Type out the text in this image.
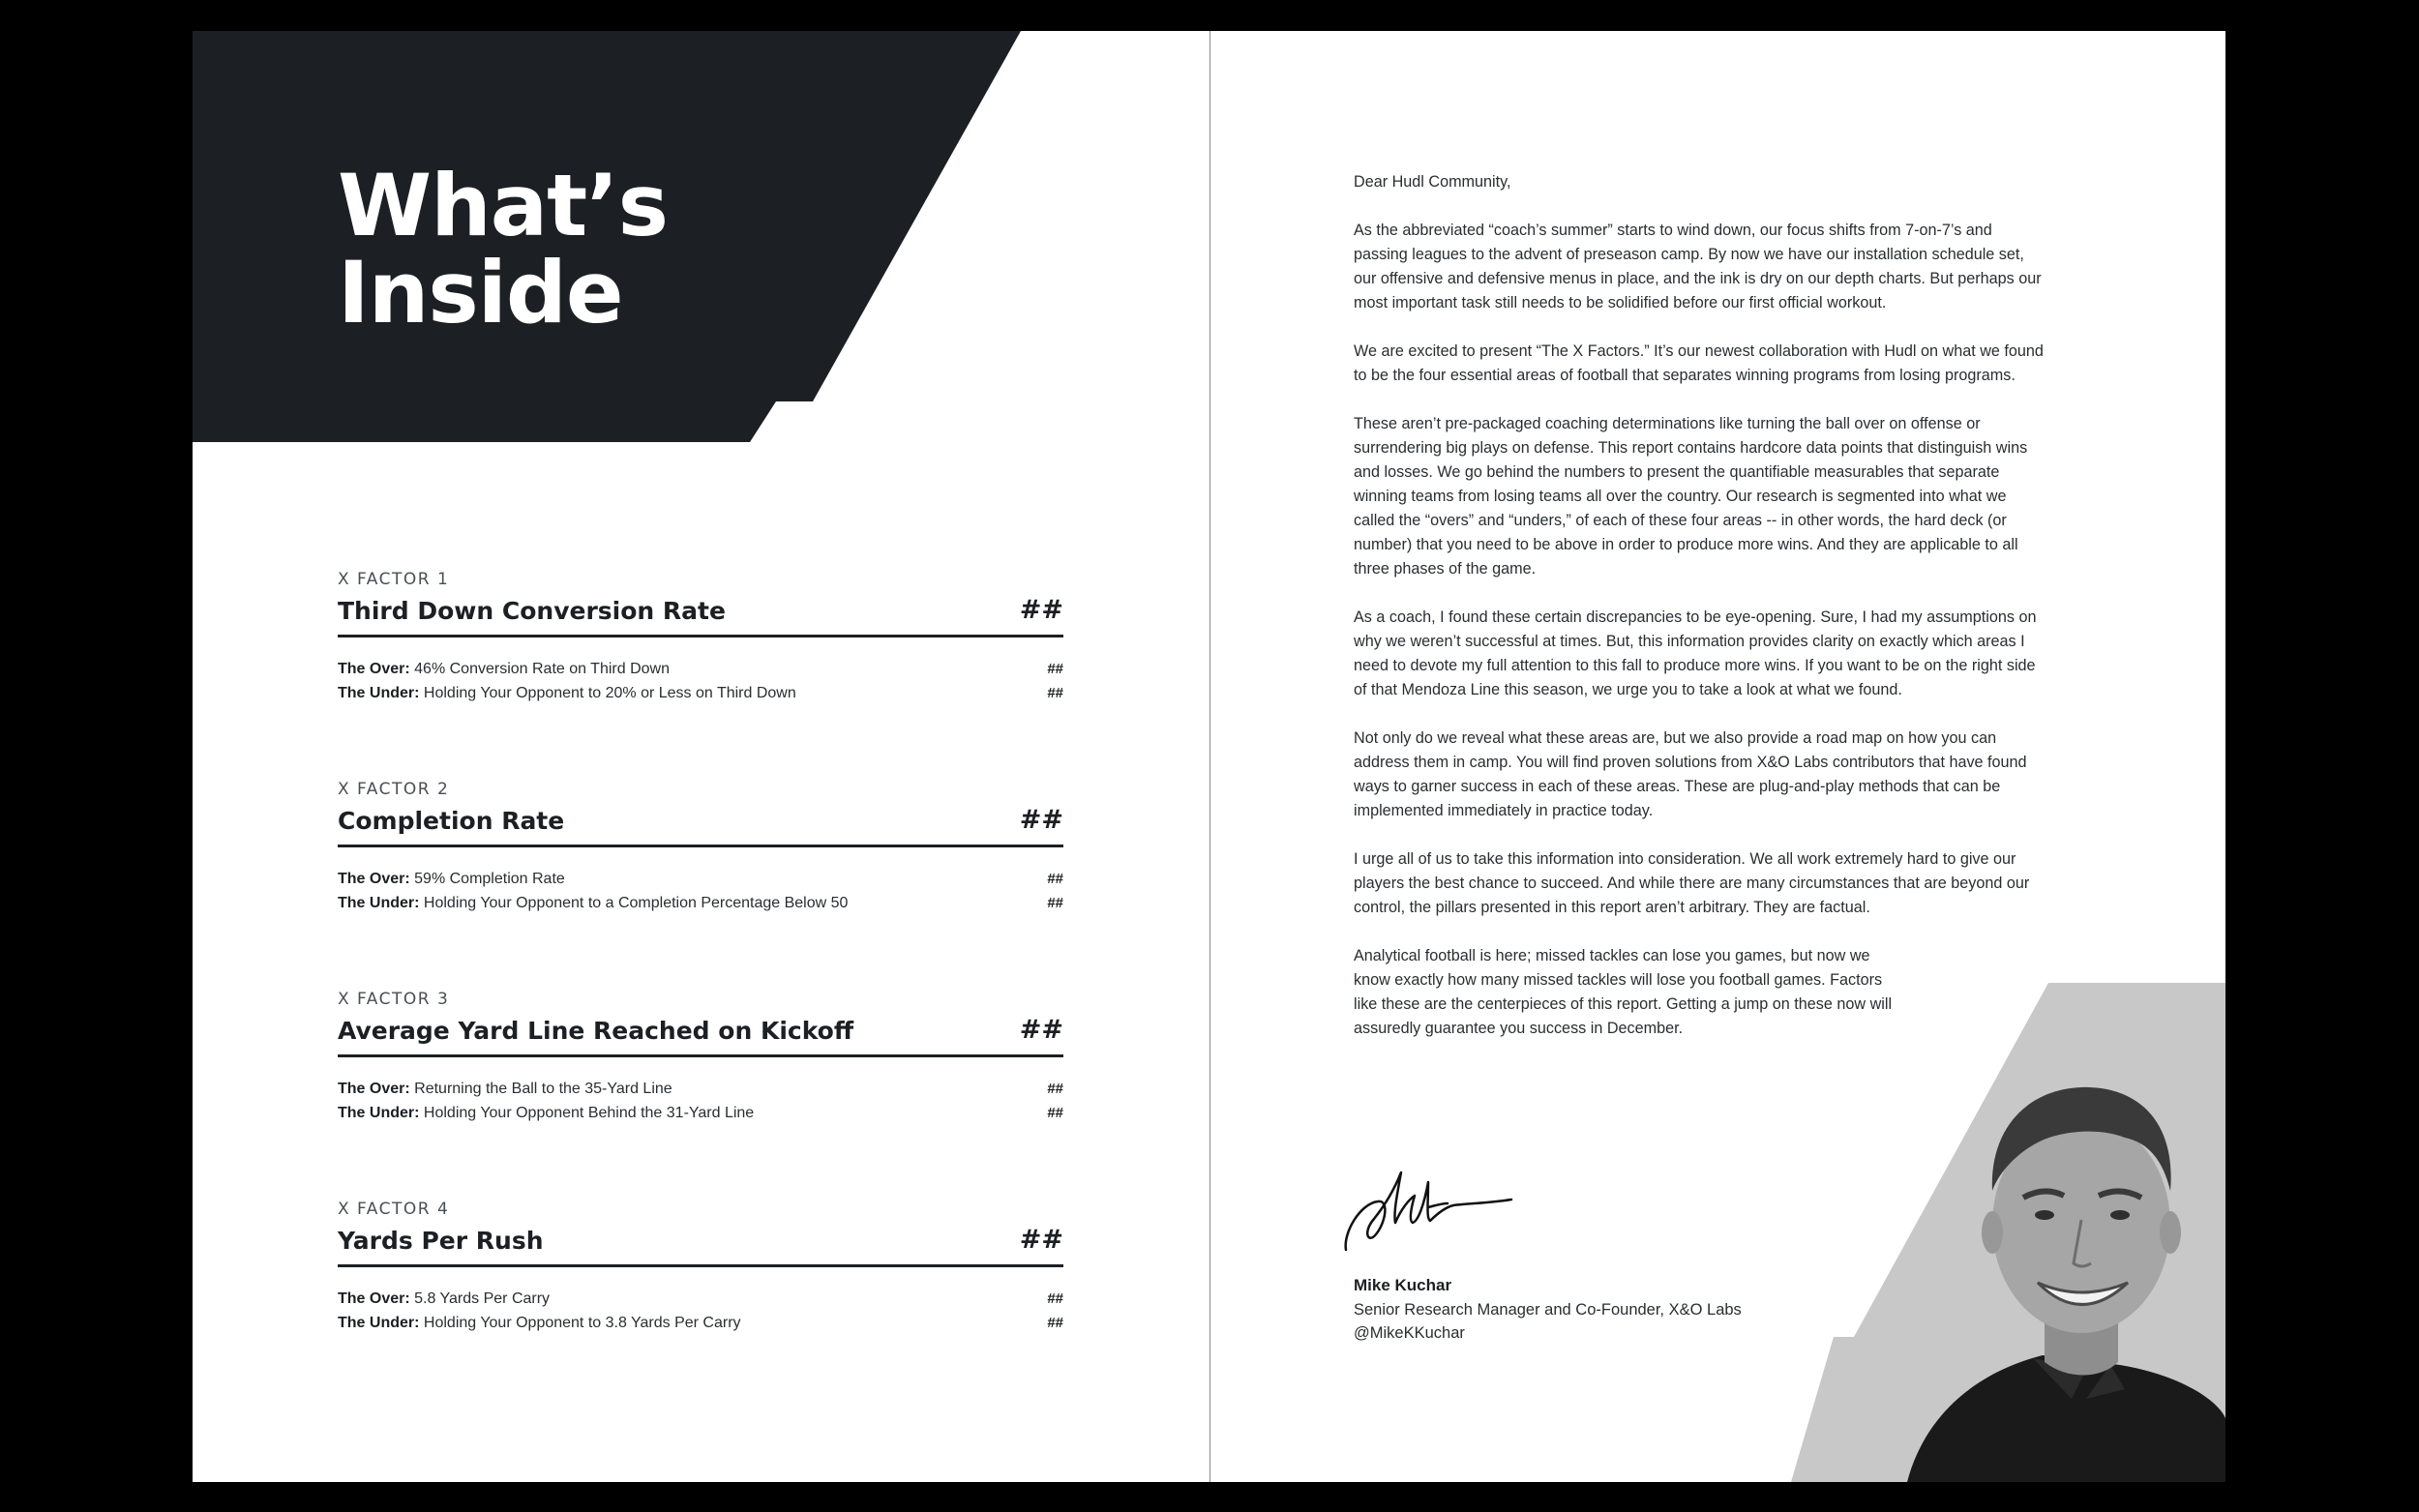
What’s
Inside
X FACTOR 1
Third Down Conversion Rate	##
The Over: 46% Conversion Rate on Third Down	##
The Under: Holding Your Opponent to 20% or Less on Third Down	##
X FACTOR 2
Completion Rate	##
The Over: 59% Completion Rate	##
The Under: Holding Your Opponent to a Completion Percentage Below 50	##
X FACTOR 3
Average Yard Line Reached on Kickoff	##
The Over: Returning the Ball to the 35-Yard Line	##
The Under: Holding Your Opponent Behind the 31-Yard Line	##
X FACTOR 4
Yards Per Rush	##
The Over: 5.8 Yards Per Carry	##
The Under: Holding Your Opponent to 3.8 Yards Per Carry	##

Dear Hudl Community,

As the abbreviated “coach’s summer” starts to wind down, our focus shifts from 7-on-7’s and passing leagues to the advent of preseason camp. By now we have our installation schedule set, our offensive and defensive menus in place, and the ink is dry on our depth charts. But perhaps our most important task still needs to be solidified before our first official workout.

We are excited to present “The X Factors.” It’s our newest collaboration with Hudl on what we found to be the four essential areas of football that separates winning programs from losing programs.

These aren’t pre-packaged coaching determinations like turning the ball over on offense or surrendering big plays on defense. This report contains hardcore data points that distinguish wins and losses. We go behind the numbers to present the quantifiable measurables that separate winning teams from losing teams all over the country. Our research is segmented into what we called the “overs” and “unders,” of each of these four areas -- in other words, the hard deck (or number) that you need to be above in order to produce more wins. And they are applicable to all three phases of the game.

As a coach, I found these certain discrepancies to be eye-opening. Sure, I had my assumptions on why we weren’t successful at times. But, this information provides clarity on exactly which areas I need to devote my full attention to this fall to produce more wins. If you want to be on the right side of that Mendoza Line this season, we urge you to take a look at what we found.

Not only do we reveal what these areas are, but we also provide a road map on how you can address them in camp. You will find proven solutions from X&O Labs contributors that have found ways to garner success in each of these areas. These are plug-and-play methods that can be implemented immediately in practice today.

I urge all of us to take this information into consideration. We all work extremely hard to give our players the best chance to succeed. And while there are many circumstances that are beyond our control, the pillars presented in this report aren’t arbitrary. They are factual.

Analytical football is here; missed tackles can lose you games, but now we know exactly how many missed tackles will lose you football games. Factors like these are the centerpieces of this report. Getting a jump on these now will assuredly guarantee you success in December.

Mike Kuchar
Senior Research Manager and Co-Founder, X&O Labs
@MikeKKuchar
